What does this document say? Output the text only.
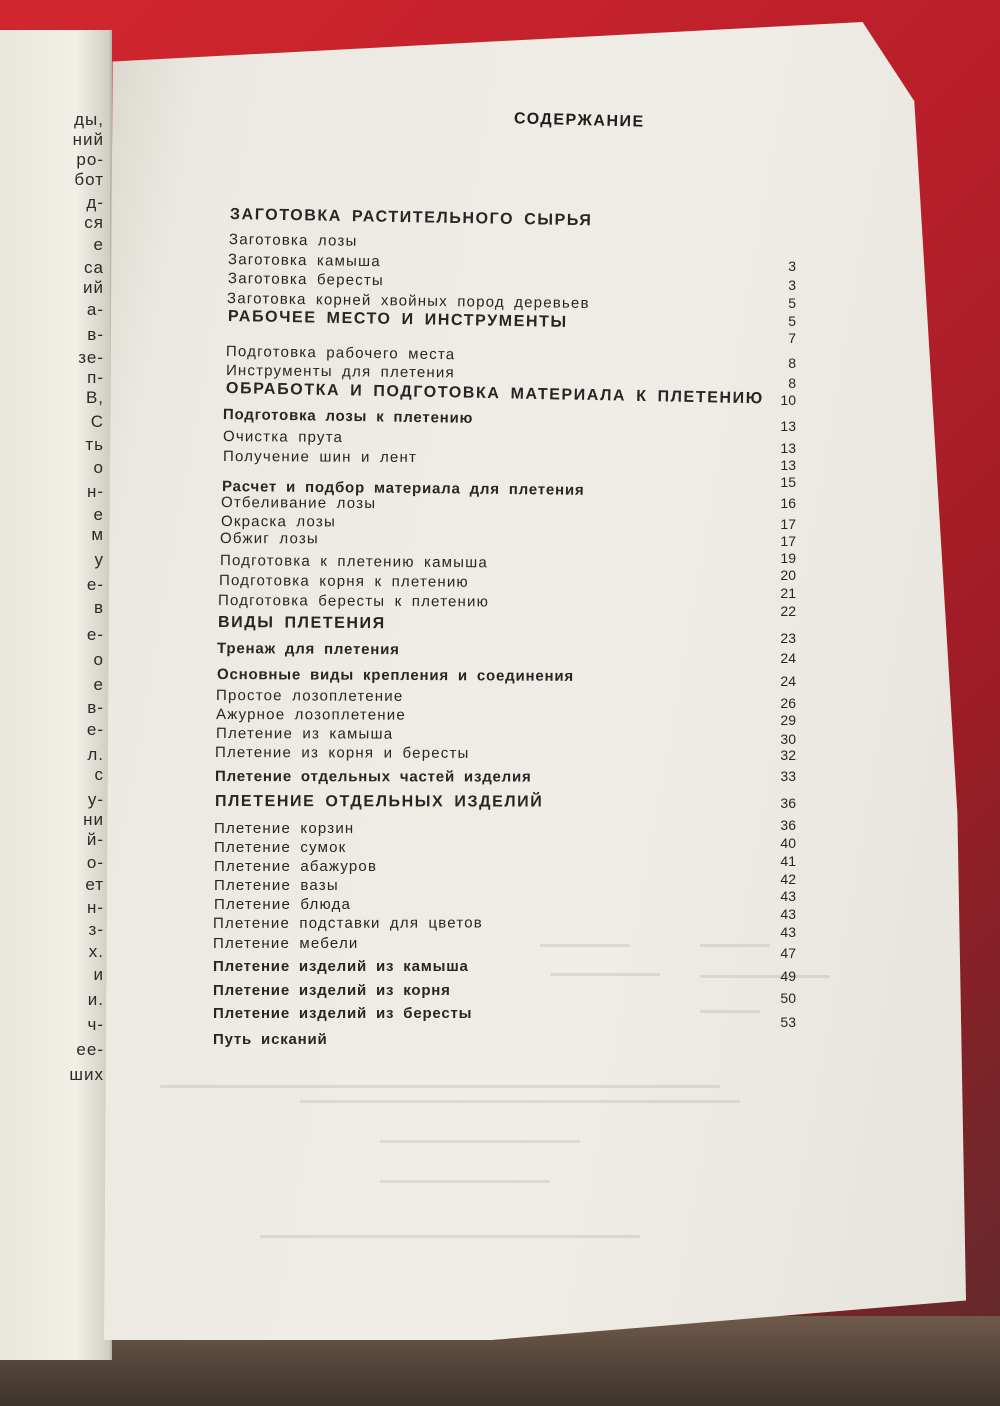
ды,
ний
ро-
бот
д-
ся
е
са
ий
а-
в-
зе-
п-
В,
С
ть
о
н-
е
м
у
е-
в
е-
о
е
в-
е-
л.
с
у-
ни
й-
о-
ет
н-
з-
х.
и
и.
ч-
ее-
ших
СОДЕРЖАНИЕ
ЗАГОТОВКА РАСТИТЕЛЬНОГО СЫРЬЯ
Заготовка лозы
Заготовка камыша
Заготовка бересты
Заготовка корней хвойных пород деревьев
РАБОЧЕЕ МЕСТО И ИНСТРУМЕНТЫ
Подготовка рабочего места
Инструменты для плетения
ОБРАБОТКА И ПОДГОТОВКА МАТЕРИАЛА К ПЛЕТЕНИЮ
Подготовка лозы к плетению
Очистка прута
Получение шин и лент
Расчет и подбор материала для плетения
Отбеливание лозы
Окраска лозы
Обжиг лозы
Подготовка к плетению камыша
Подготовка корня к плетению
Подготовка бересты к плетению
ВИДЫ ПЛЕТЕНИЯ
Тренаж для плетения
Основные виды крепления и соединения
Простое лозоплетение
Ажурное лозоплетение
Плетение из камыша
Плетение из корня и бересты
Плетение отдельных частей изделия
ПЛЕТЕНИЕ ОТДЕЛЬНЫХ ИЗДЕЛИЙ
Плетение корзин
Плетение сумок
Плетение абажуров
Плетение вазы
Плетение блюда
Плетение подставки для цветов
Плетение мебели
Плетение изделий из камыша
Плетение изделий из корня
Плетение изделий из бересты
Путь исканий
3
3
5
5
7
8
8
10
13
13
13
15
16
17
17
19
20
21
22
23
24
24
26
29
30
32
33
36
36
40
41
42
43
43
43
47
49
50
53
